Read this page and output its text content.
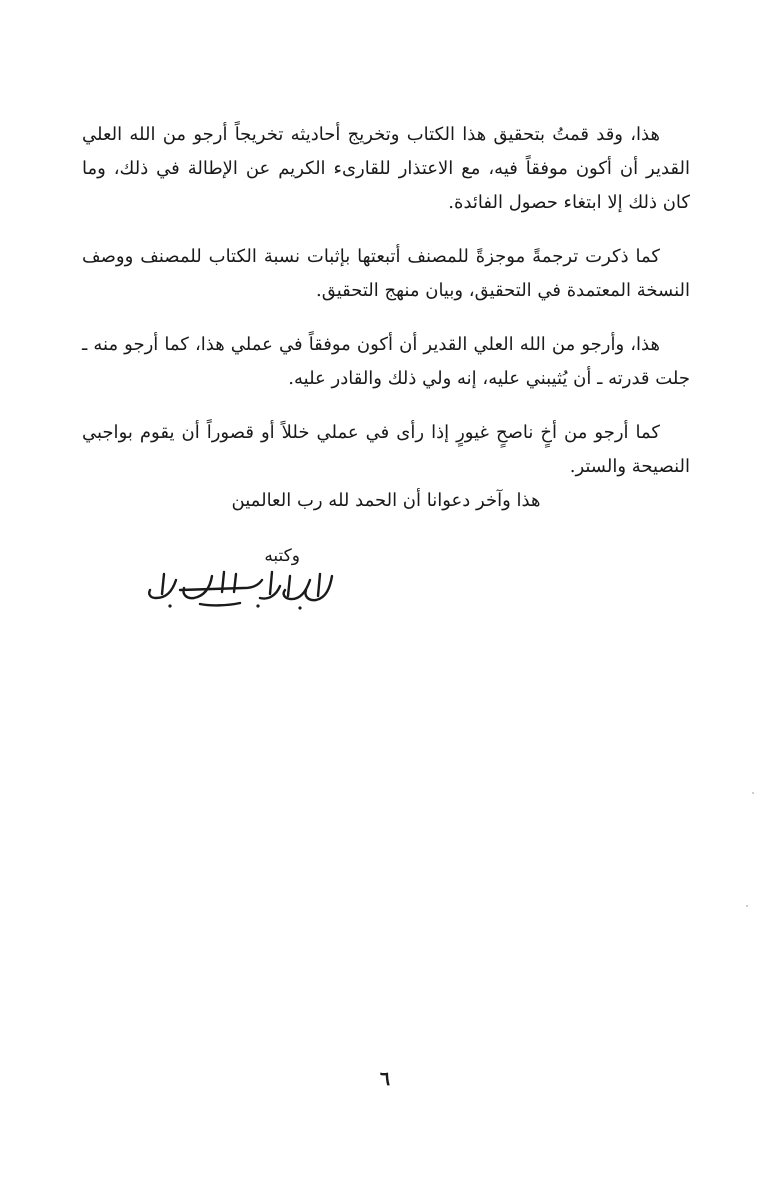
هذا، وقد قمتُ بتحقيق هذا الكتاب وتخريج أحاديثه تخريجاً أرجو من الله العلي القدير أن أكون موفقاً فيه، مع الاعتذار للقارىء الكريم عن الإطالة في ذلك، وما كان ذلك إلا ابتغاء حصول الفائدة.

كما ذكرت ترجمةً موجزةً للمصنف أتبعتها بإثبات نسبة الكتاب للمصنف ووصف النسخة المعتمدة في التحقيق، وبيان منهج التحقيق.

هذا، وأرجو من الله العلي القدير أن أكون موفقاً في عملي هذا، كما أرجو منه ـ جلت قدرته ـ أن يُثيبني عليه، إنه ولي ذلك والقادر عليه.

كما أرجو من أخٍ ناصحٍ غيورٍ إذا رأى في عملي خللاً أو قصوراً أن يقوم بواجبي النصيحة والستر.

هذا وآخر دعوانا أن الحمد لله رب العالمين
وكتبه
٦
